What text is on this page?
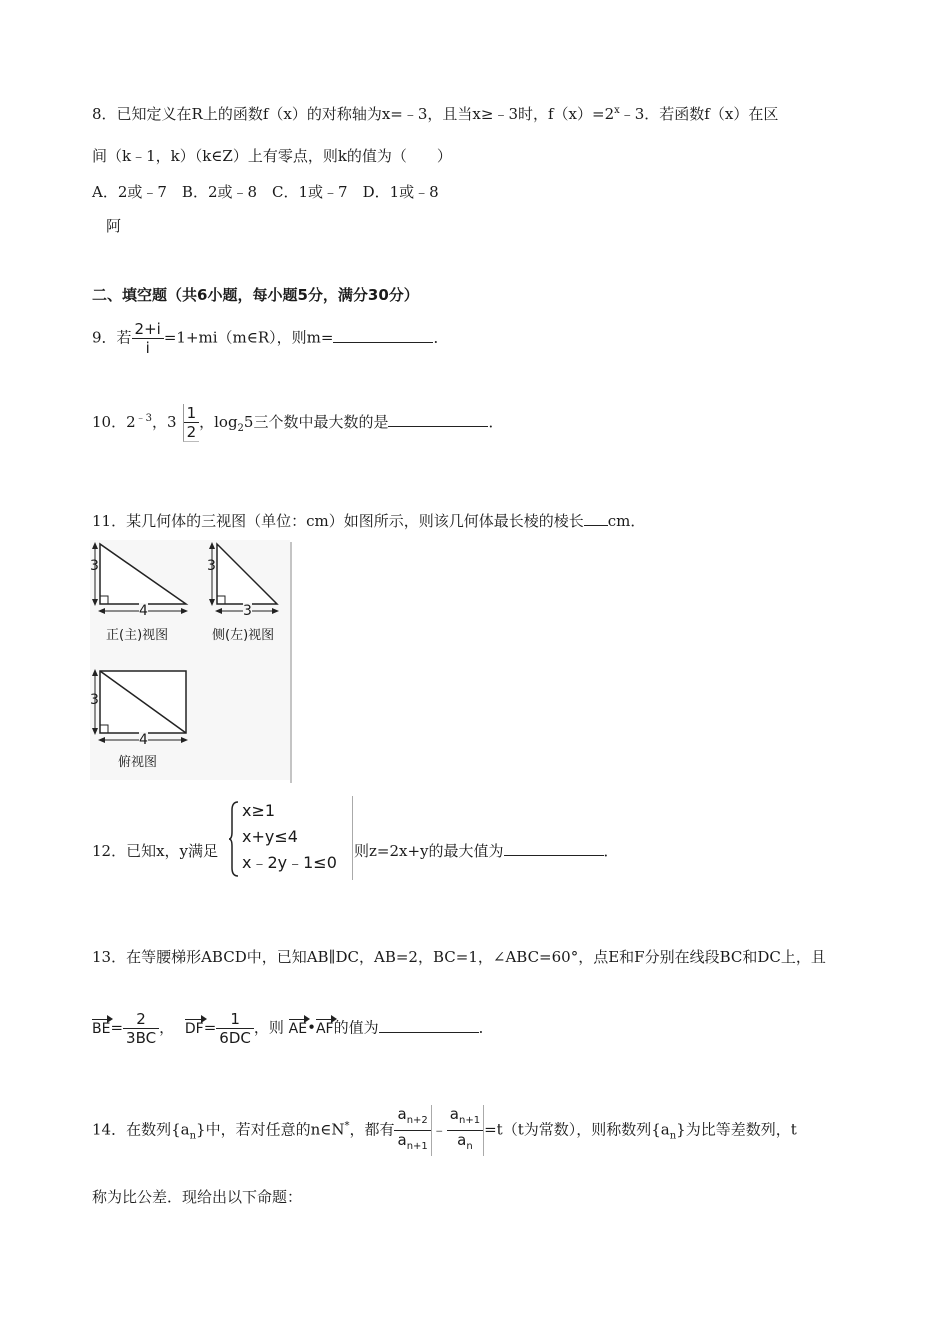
8．已知定义在R上的函数f（x）的对称轴为x=﹣3，且当x≥﹣3时，$f(x)=2^x﹣3$．若函数f（x）在区
间（k﹣1，k）（k∈Z）上有零点，则k的值为（　　）
A．2或﹣7　B．2或﹣8　C．1或﹣7　D．1或﹣8
阿
二、填空题（共6小题，每小题5分，满分30分）
9．若 $\frac{2+i}{i}$ =1+mi（m∈R），则m=	．
10．$2^{﹣3}$，$3 \frac{1}{2}$ ，$\log_25$三个数中最大数的是	．
11．某几何体的三视图（单位：cm）如图所示，则该几何体最长棱的棱长 cm．
3
4
3
3
3
4
正(主)视图	侧(左)视图
俯视图
12．已知x，y满足
x≥1
x+y≤4
x﹣2y﹣1≤0
则z=2x+y的最大值为	．
13．在等腰梯形ABCD中，已知AB∥DC，AB=2，BC=1，∠ABC=60°，点E和F分别在线段BC和DC上，且
$BE= \frac{2}{3BC}$ ， $DF= \frac{1}{6DC}$ ，则 AE•AF的值为	．
14．在数列$\{a_n\}$中，若对任意的n∈N*，都有 $\frac{a_{n+2}}{a_{n+1}}$ ﹣ $\frac{a_{n+1}}{a_n} =t(t$为常数），则称数列$\{a_n\}$为比等差数列，t
称为比公差．现给出以下命题：
